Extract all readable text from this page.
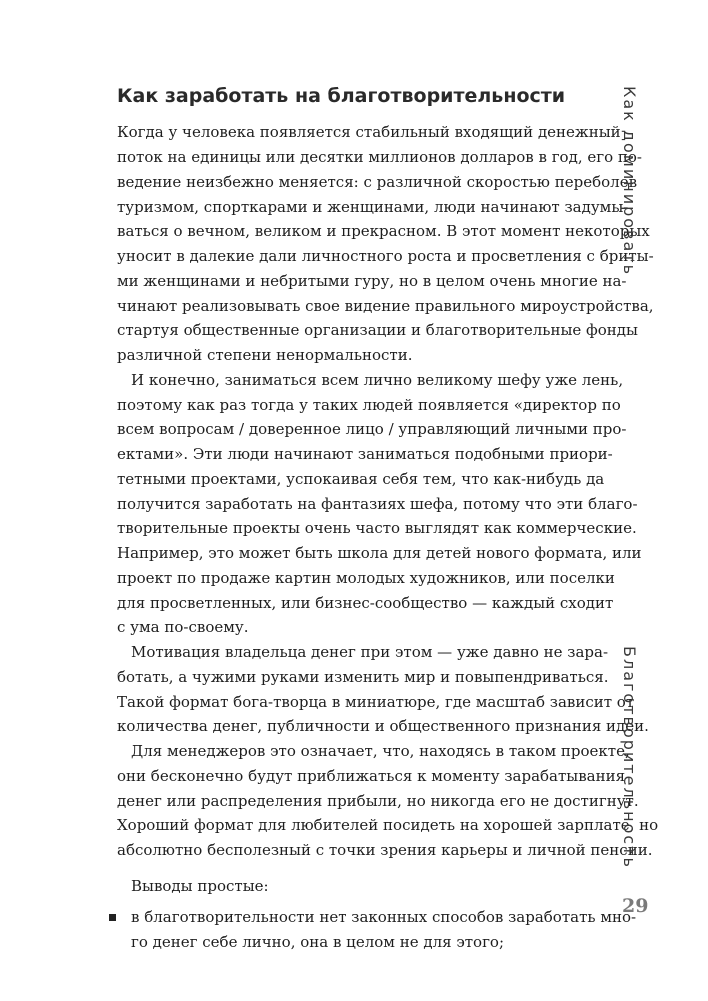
Как заработать на благотворительности
Когда у человека появляется стабильный входящий денежный
поток на единицы или десятки миллионов долларов в год, его по-
ведение неизбежно меняется: с различной скоростью переболев
туризмом, спорткарами и женщинами, люди начинают задумы-
ваться о вечном, великом и прекрасном. В этот момент некоторых
уносит в далекие дали личностного роста и просветления с бриты-
ми женщинами и небритыми гуру, но в целом очень многие на-
чинают реализовывать свое видение правильного мироустройства,
стартуя общественные организации и благотворительные фонды
различной степени ненормальности.
И конечно, заниматься всем лично великому шефу уже лень,
поэтому как раз тогда у таких людей появляется «директор по
всем вопросам / доверенное лицо / управляющий личными про-
ектами». Эти люди начинают заниматься подобными приори-
тетными проектами, успокаивая себя тем, что как-нибудь да
получится заработать на фантазиях шефа, потому что эти благо-
творительные проекты очень часто выглядят как коммерческие.
Например, это может быть школа для детей нового формата, или
проект по продаже картин молодых художников, или поселки
для просветленных, или бизнес-сообщество — каждый сходит
с ума по-своему.
Мотивация владельца денег при этом — уже давно не зара-
ботать, а чужими руками изменить мир и повыпендриваться.
Такой формат бога-творца в миниатюре, где масштаб зависит от
количества денег, публичности и общественного признания идеи.
Для менеджеров это означает, что, находясь в таком проекте,
они бесконечно будут приближаться к моменту зарабатывания
денег или распределения прибыли, но никогда его не достигнут.
Хороший формат для любителей посидеть на хорошей зарплате, но
абсолютно бесполезный с точки зрения карьеры и личной пенсии.
Выводы простые:
в благотворительности нет законных способов заработать мно-
го денег себе лично, она в целом не для этого;
Как доминировать
Благотворительность
29
